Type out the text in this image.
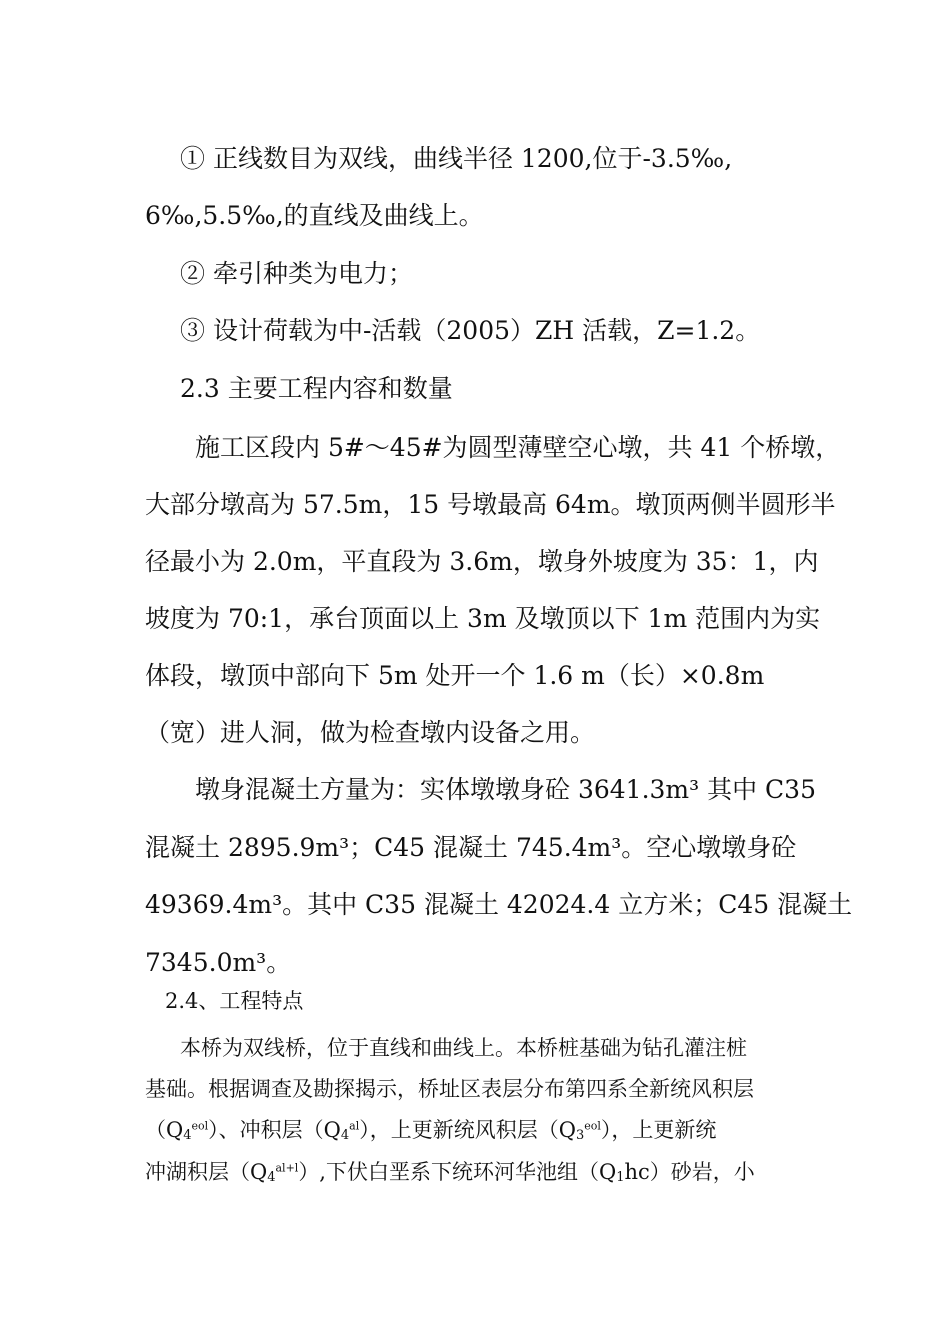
① 正线数目为双线，曲线半径 1200,位于-3.5‰,

6‰,5.5‰,的直线及曲线上。

② 牵引种类为电力；

③ 设计荷载为中-活载（2005）ZH 活载，Z=1.2。

2.3 主要工程内容和数量

施工区段内 5#～45#为圆型薄壁空心墩，共 41 个桥墩，

大部分墩高为 57.5m，15 号墩最高 64m。墩顶两侧半圆形半

径最小为 2.0m，平直段为 3.6m，墩身外坡度为 35：1，内

坡度为 70:1，承台顶面以上 3m 及墩顶以下 1m 范围内为实

体段，墩顶中部向下 5m 处开一个 1.6 m（长）×0.8m

（宽）进人洞，做为检查墩内设备之用。

墩身混凝土方量为：实体墩墩身砼 3641.3m³ 其中 C35

混凝土 2895.9m³；C45 混凝土 745.4m³。空心墩墩身砼

49369.4m³。其中 C35 混凝土 42024.4 立方米；C45 混凝土

7345.0m³。

2.4、工程特点

本桥为双线桥，位于直线和曲线上。本桥桩基础为钻孔灌注桩

基础。根据调查及勘探揭示，桥址区表层分布第四系全新统风积层

$(Q4^{eol})$、冲积层$(Q4^{al})$，上更新统风积层$(Q3^{eol})$，上更新统

冲湖积层$(Q4^{al+l})$,下伏白垩系下统环河华池组（Q1hc）砂岩，小
